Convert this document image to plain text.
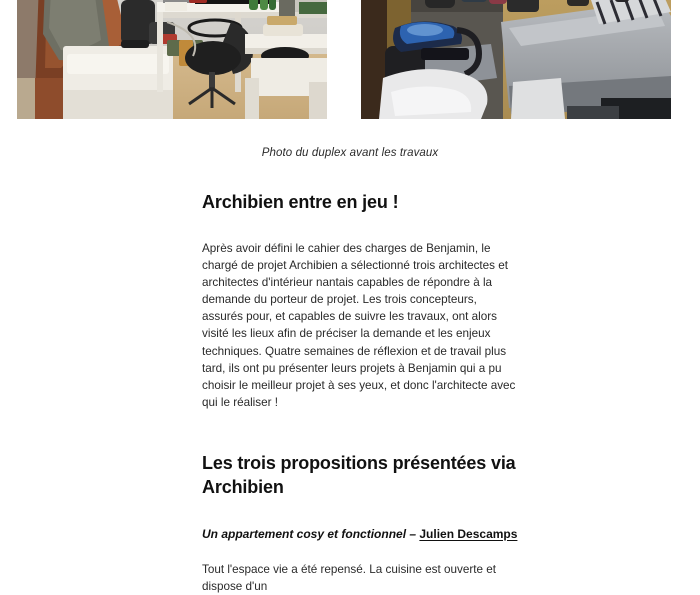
Photo du duplex avant les travaux
Archibien entre en jeu !

Après avoir défini le cahier des charges de Benjamin, le chargé de projet Archibien a sélectionné trois architectes et architectes d'intérieur nantais capables de répondre à la demande du porteur de projet. Les trois concepteurs, assurés pour, et capables de suivre les travaux, ont alors visité les lieux afin de préciser la demande et les enjeux techniques. Quatre semaines de réflexion et de travail plus tard, ils ont pu présenter leurs projets à Benjamin qui a pu choisir le meilleur projet à ses yeux, et donc l'architecte avec qui le réaliser !

Les trois propositions présentées via Archibien

Un appartement cosy et fonctionnel – Julien Descamps

Tout l'espace vie a été repensé. La cuisine est ouverte et dispose d'un
